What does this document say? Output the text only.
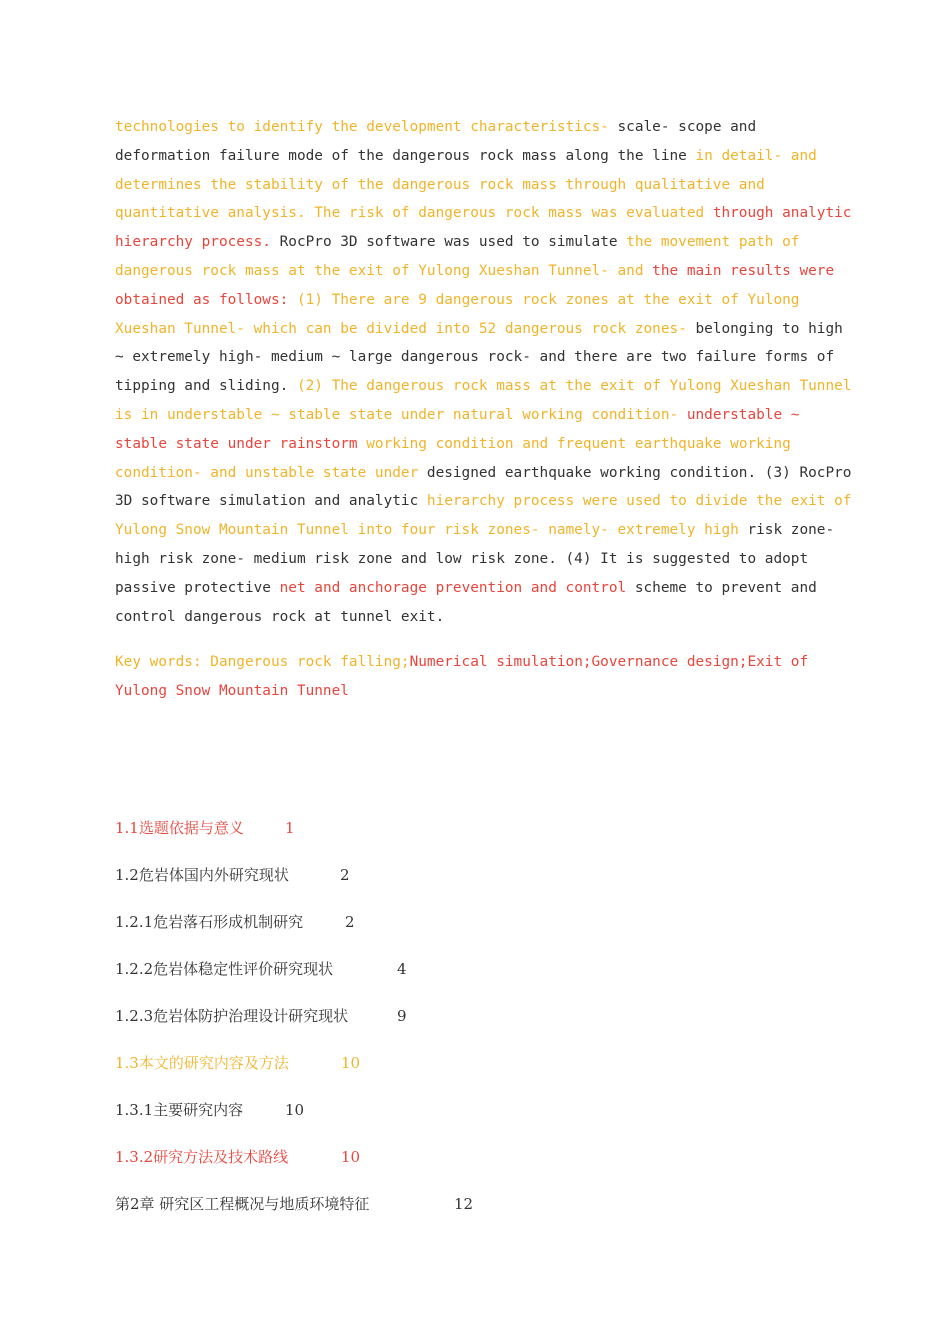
technologies to identify the development characteristics- scale- scope and
deformation failure mode of the dangerous rock mass along the line in detail- and
determines the stability of the dangerous rock mass through qualitative and
quantitative analysis. The risk of dangerous rock mass was evaluated through analytic
hierarchy process. RocPro 3D software was used to simulate the movement path of
dangerous rock mass at the exit of Yulong Xueshan Tunnel- and the main results were
obtained as follows: (1) There are 9 dangerous rock zones at the exit of Yulong
Xueshan Tunnel- which can be divided into 52 dangerous rock zones- belonging to high
~ extremely high- medium ~ large dangerous rock- and there are two failure forms of
tipping and sliding. (2) The dangerous rock mass at the exit of Yulong Xueshan Tunnel
is in understable ~ stable state under natural working condition- understable ~
stable state under rainstorm working condition and frequent earthquake working
condition- and unstable state under designed earthquake working condition. (3) RocPro
3D software simulation and analytic hierarchy process were used to divide the exit of
Yulong Snow Mountain Tunnel into four risk zones- namely- extremely high risk zone-
high risk zone- medium risk zone and low risk zone. (4) It is suggested to adopt
passive protective net and anchorage prevention and control scheme to prevent and
control dangerous rock at tunnel exit.
Key words: Dangerous rock falling;Numerical simulation;Governance design;Exit of
Yulong Snow Mountain Tunnel
1.1选题依据与意义	1
1.2危岩体国内外研究现状	2
1.2.1危岩落石形成机制研究	2
1.2.2危岩体稳定性评价研究现状	4
1.2.3危岩体防护治理设计研究现状	9
1.3本文的研究内容及方法	10
1.3.1主要研究内容	10
1.3.2研究方法及技术路线	10
第2章 研究区工程概况与地质环境特征	12
